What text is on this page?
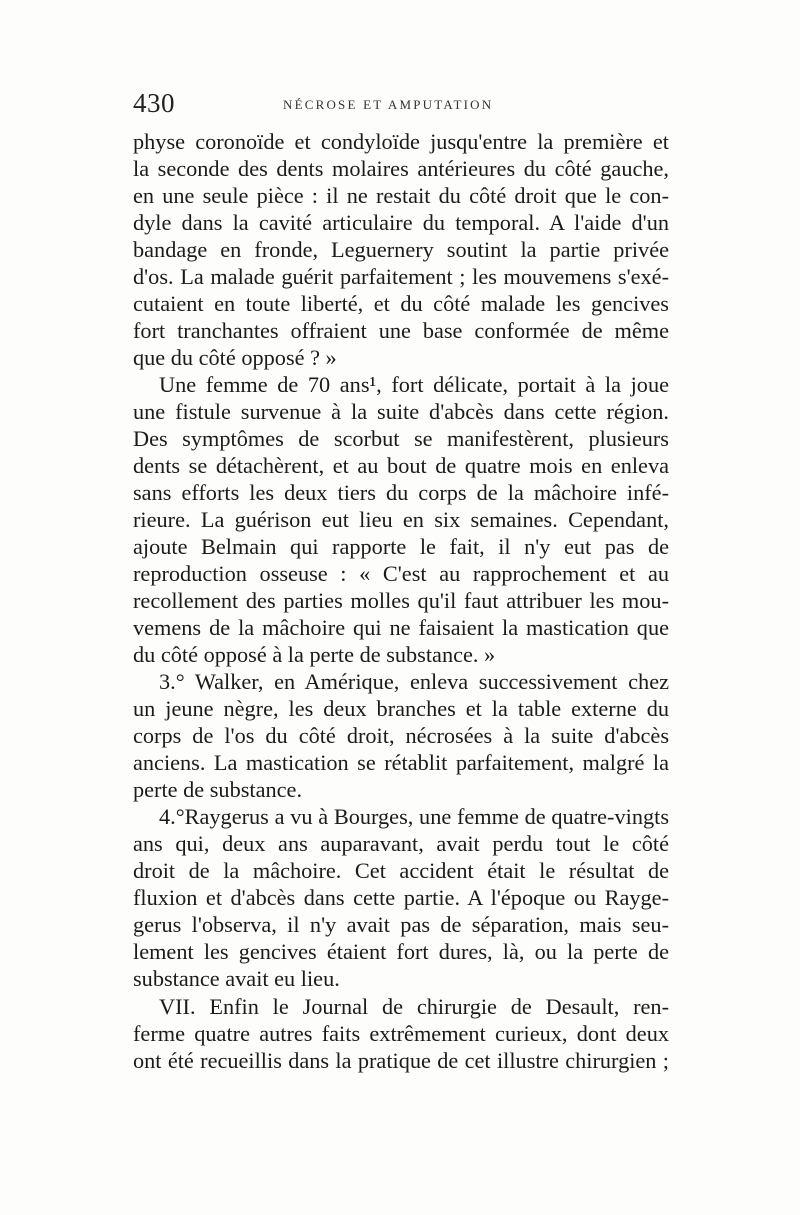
430	NÉCROSE ET AMPUTATION
physe coronoïde et condyloïde jusqu'entre la première et
la seconde des dents molaires antérieures du côté gauche,
en une seule pièce : il ne restait du côté droit que le con-
dyle dans la cavité articulaire du temporal. A l'aide d'un
bandage en fronde, Leguernery soutint la partie privée
d'os. La malade guérit parfaitement ; les mouvemens s'exé-
cutaient en toute liberté, et du côté malade les gencives
fort tranchantes offraient une base conformée de même
que du côté opposé ? »
Une femme de 70 ans¹, fort délicate, portait à la joue
une fistule survenue à la suite d'abcès dans cette région.
Des symptômes de scorbut se manifestèrent, plusieurs
dents se détachèrent, et au bout de quatre mois en enleva
sans efforts les deux tiers du corps de la mâchoire infé-
rieure. La guérison eut lieu en six semaines. Cependant,
ajoute Belmain qui rapporte le fait, il n'y eut pas de
reproduction osseuse : « C'est au rapprochement et au
recollement des parties molles qu'il faut attribuer les mou-
vemens de la mâchoire qui ne faisaient la mastication que
du côté opposé à la perte de substance. »
3.° Walker, en Amérique, enleva successivement chez
un jeune nègre, les deux branches et la table externe du
corps de l'os du côté droit, nécrosées à la suite d'abcès
anciens. La mastication se rétablit parfaitement, malgré la
perte de substance.
4.°Raygerus a vu à Bourges, une femme de quatre-vingts
ans qui, deux ans auparavant, avait perdu tout le côté
droit de la mâchoire. Cet accident était le résultat de
fluxion et d'abcès dans cette partie. A l'époque ou Rayge-
gerus l'observa, il n'y avait pas de séparation, mais seu-
lement les gencives étaient fort dures, là, ou la perte de
substance avait eu lieu.
VII. Enfin le Journal de chirurgie de Desault, ren-
ferme quatre autres faits extrêmement curieux, dont deux
ont été recueillis dans la pratique de cet illustre chirurgien ;
